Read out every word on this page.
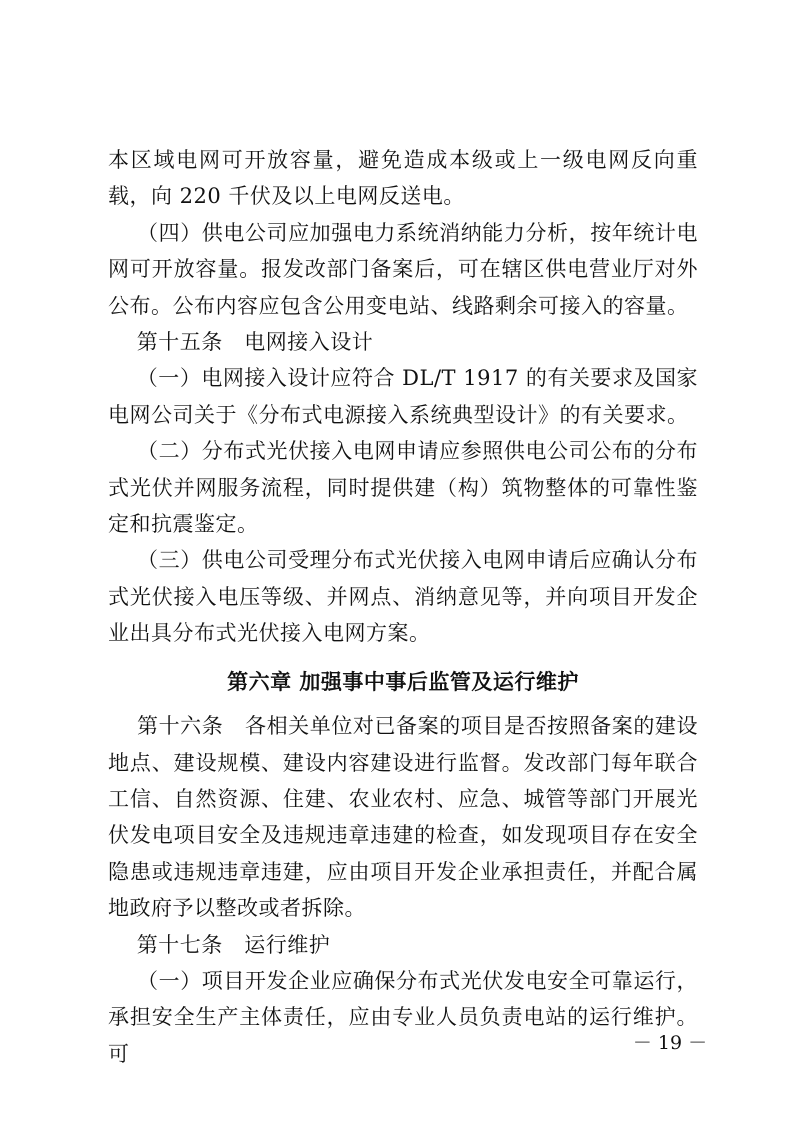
本区域电网可开放容量，避免造成本级或上一级电网反向重载，向 220 千伏及以上电网反送电。

（四）供电公司应加强电力系统消纳能力分析，按年统计电网可开放容量。报发改部门备案后，可在辖区供电营业厅对外公布。公布内容应包含公用变电站、线路剩余可接入的容量。

第十五条   电网接入设计

（一）电网接入设计应符合 DL/T 1917 的有关要求及国家电网公司关于《分布式电源接入系统典型设计》的有关要求。

（二）分布式光伏接入电网申请应参照供电公司公布的分布式光伏并网服务流程，同时提供建（构）筑物整体的可靠性鉴定和抗震鉴定。

（三）供电公司受理分布式光伏接入电网申请后应确认分布式光伏接入电压等级、并网点、消纳意见等，并向项目开发企业出具分布式光伏接入电网方案。

第六章 加强事中事后监管及运行维护

第十六条   各相关单位对已备案的项目是否按照备案的建设地点、建设规模、建设内容建设进行监督。发改部门每年联合工信、自然资源、住建、农业农村、应急、城管等部门开展光伏发电项目安全及违规违章违建的检查，如发现项目存在安全隐患或违规违章违建，应由项目开发企业承担责任，并配合属地政府予以整改或者拆除。

第十七条   运行维护

（一）项目开发企业应确保分布式光伏发电安全可靠运行，承担安全生产主体责任，应由专业人员负责电站的运行维护。可	－ 19 －
